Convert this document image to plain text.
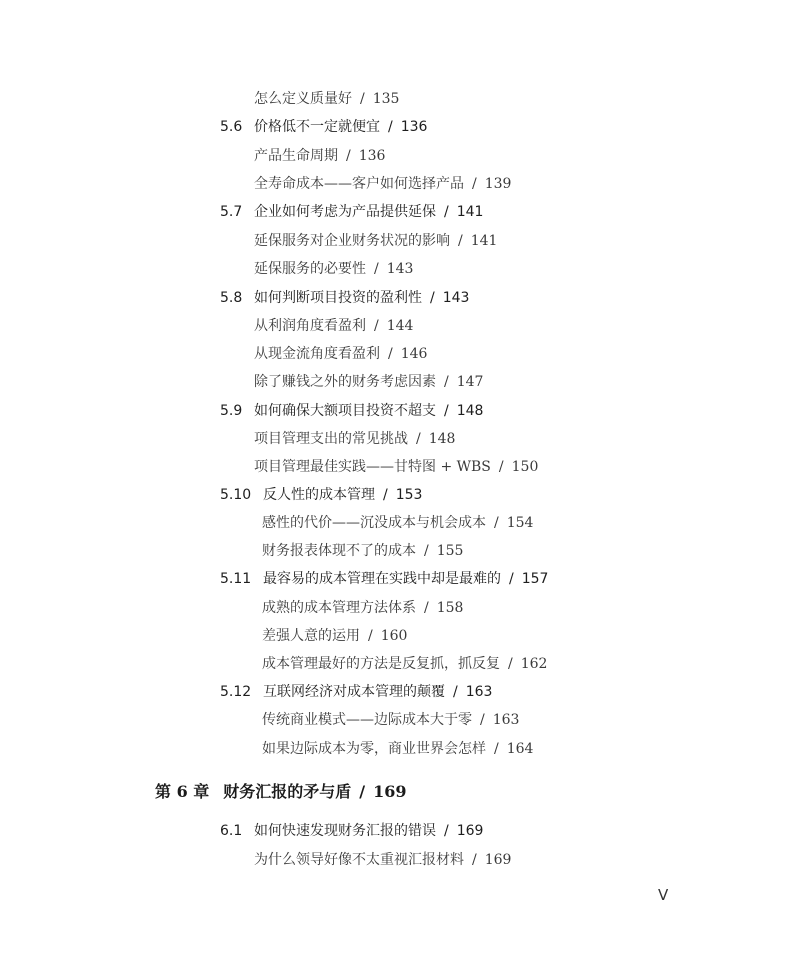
怎么定义质量好 / 135
5.6 价格低不一定就便宜 / 136
产品生命周期 / 136
全寿命成本——客户如何选择产品 / 139
5.7 企业如何考虑为产品提供延保 / 141
延保服务对企业财务状况的影响 / 141
延保服务的必要性 / 143
5.8 如何判断项目投资的盈利性 / 143
从利润角度看盈利 / 144
从现金流角度看盈利 / 146
除了赚钱之外的财务考虑因素 / 147
5.9 如何确保大额项目投资不超支 / 148
项目管理支出的常见挑战 / 148
项目管理最佳实践——甘特图 + WBS / 150
5.10 反人性的成本管理 / 153
感性的代价——沉没成本与机会成本 / 154
财务报表体现不了的成本 / 155
5.11 最容易的成本管理在实践中却是最难的 / 157
成熟的成本管理方法体系 / 158
差强人意的运用 / 160
成本管理最好的方法是反复抓，抓反复 / 162
5.12 互联网经济对成本管理的颠覆 / 163
传统商业模式——边际成本大于零 / 163
如果边际成本为零，商业世界会怎样 / 164
第 6 章 财务汇报的矛与盾 / 169
6.1 如何快速发现财务汇报的错误 / 169
为什么领导好像不太重视汇报材料 / 169
V
